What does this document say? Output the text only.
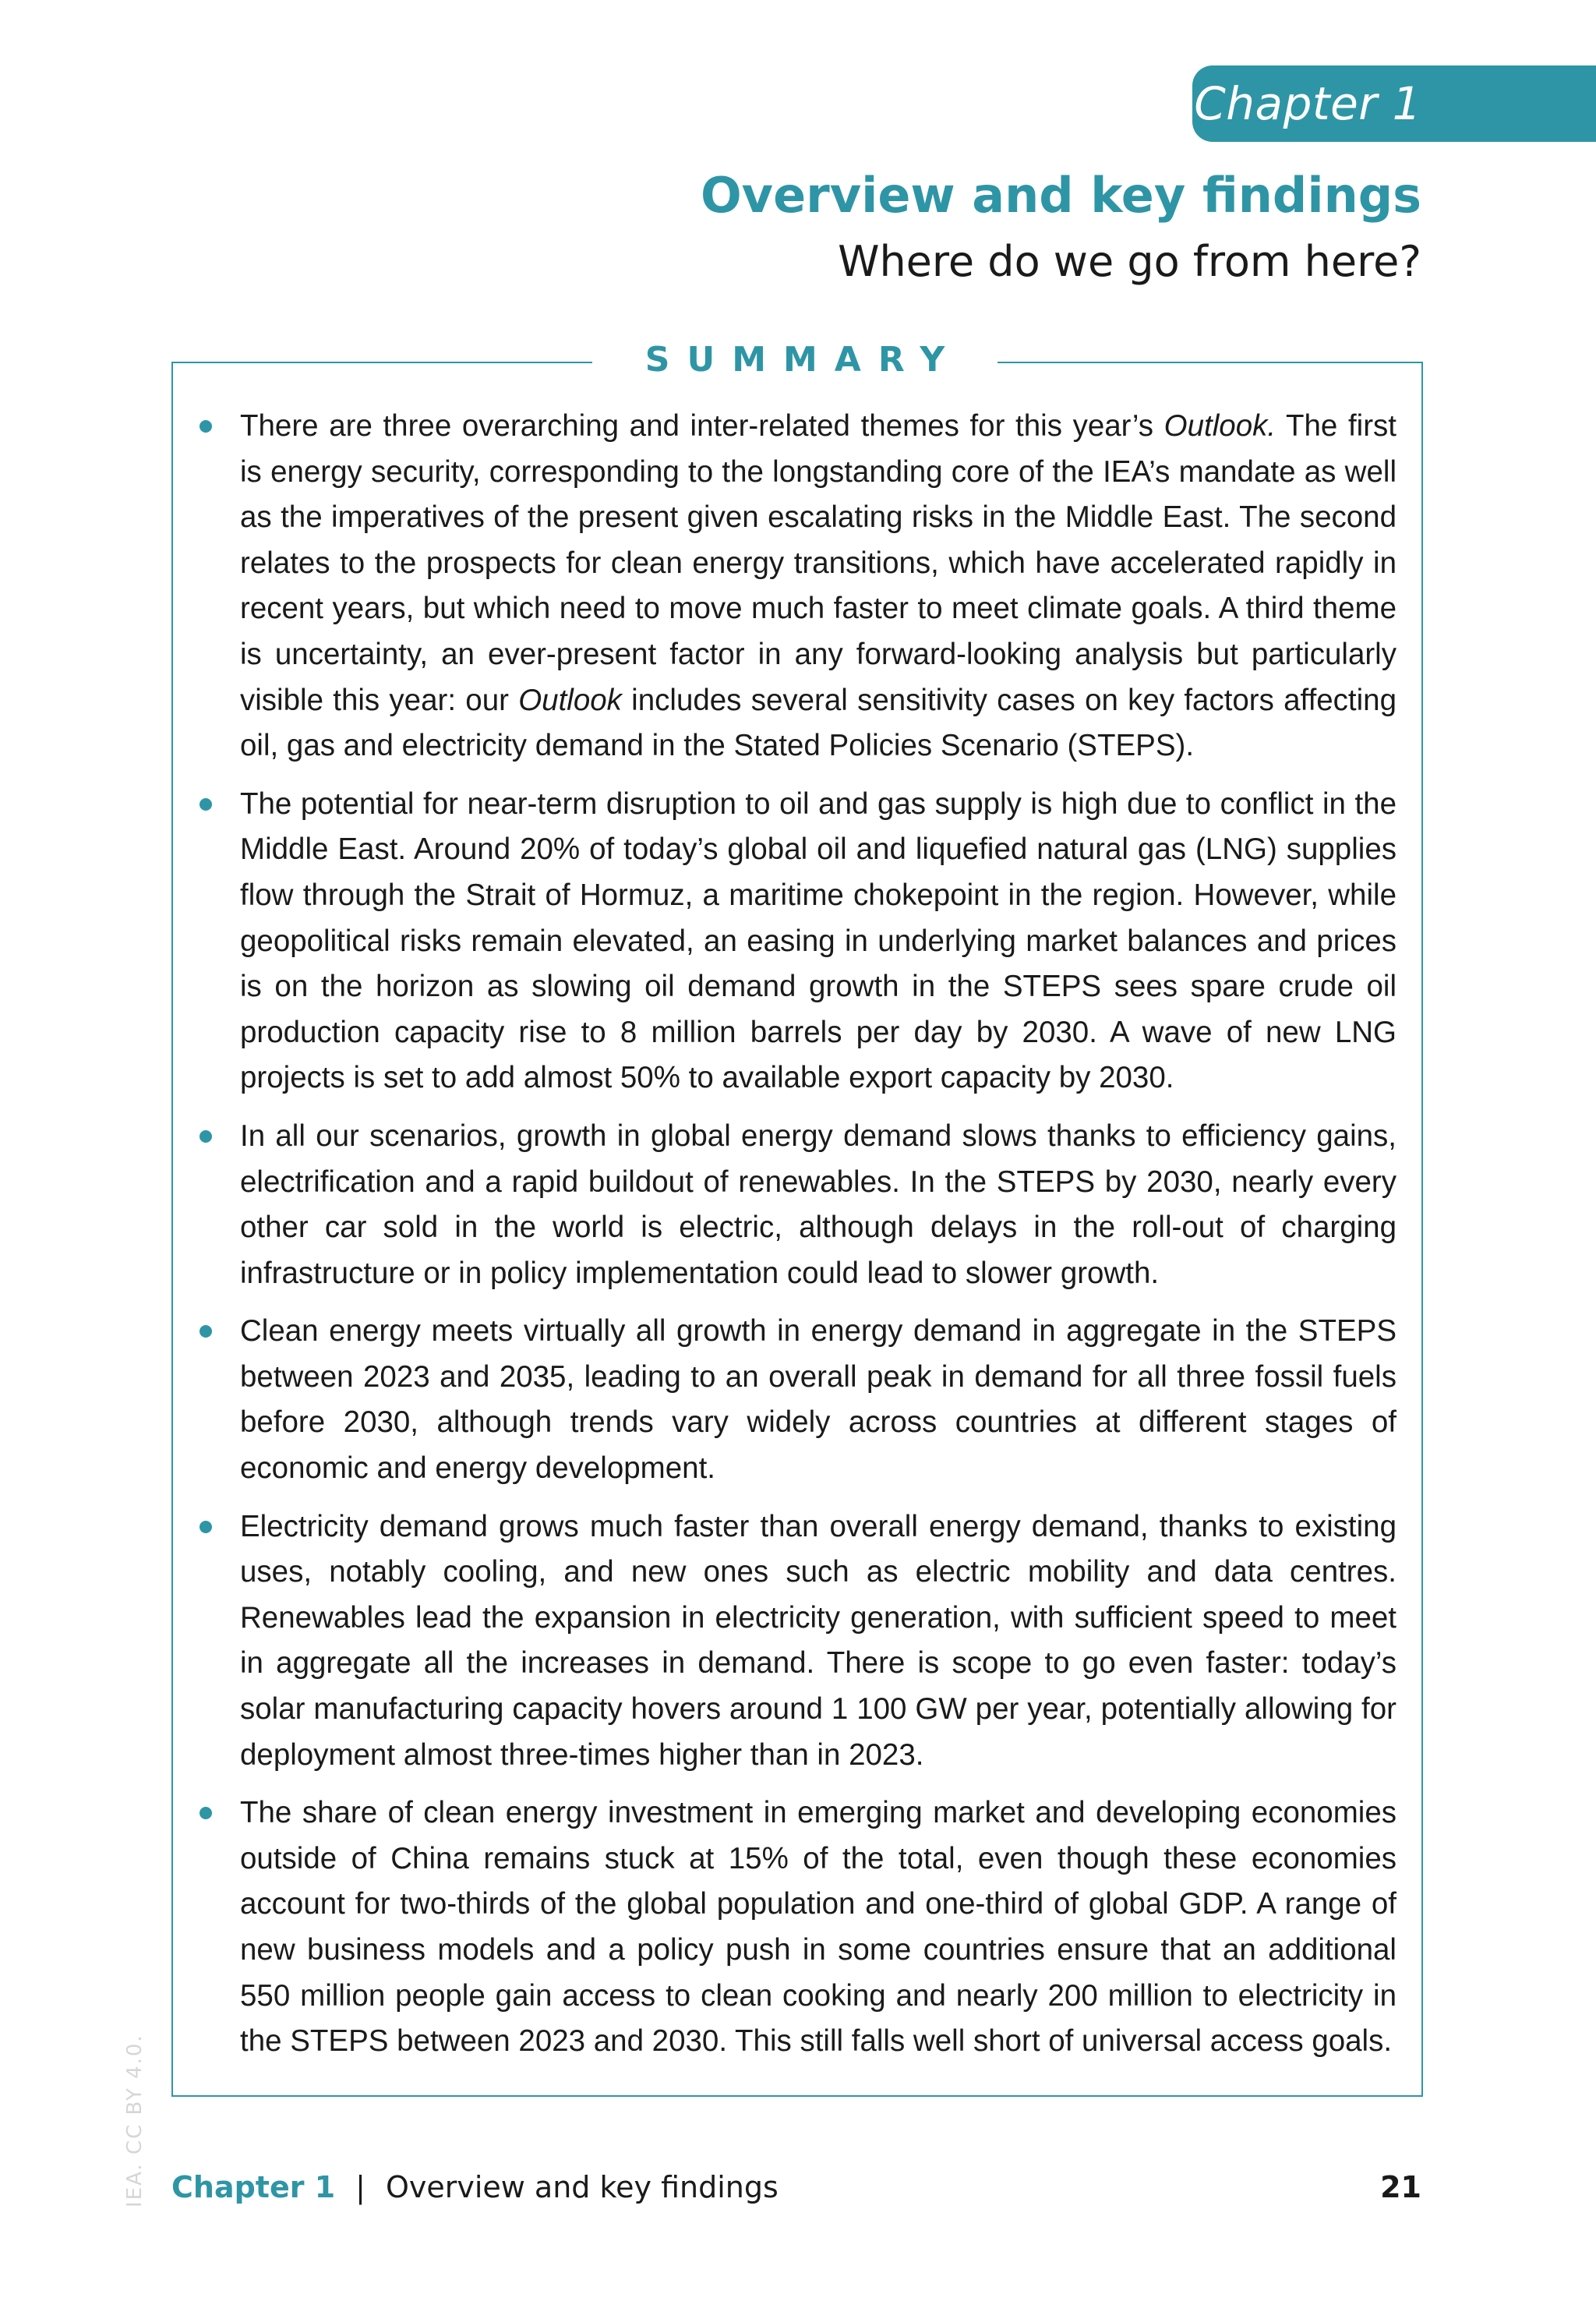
Chapter 1
Overview and key findings
Where do we go from here?
SUMMARY
There are three overarching and inter-related themes for this year’s Outlook. The first is energy security, corresponding to the longstanding core of the IEA’s mandate as well as the imperatives of the present given escalating risks in the Middle East. The second relates to the prospects for clean energy transitions, which have accelerated rapidly in recent years, but which need to move much faster to meet climate goals. A third theme is uncertainty, an ever-present factor in any forward-looking analysis but particularly visible this year: our Outlook includes several sensitivity cases on key factors affecting oil, gas and electricity demand in the Stated Policies Scenario (STEPS).
The potential for near-term disruption to oil and gas supply is high due to conflict in the Middle East. Around 20% of today’s global oil and liquefied natural gas (LNG) supplies flow through the Strait of Hormuz, a maritime chokepoint in the region. However, while geopolitical risks remain elevated, an easing in underlying market balances and prices is on the horizon as slowing oil demand growth in the STEPS sees spare crude oil production capacity rise to 8 million barrels per day by 2030. A wave of new LNG projects is set to add almost 50% to available export capacity by 2030.
In all our scenarios, growth in global energy demand slows thanks to efficiency gains, electrification and a rapid buildout of renewables. In the STEPS by 2030, nearly every other car sold in the world is electric, although delays in the roll-out of charging infrastructure or in policy implementation could lead to slower growth.
Clean energy meets virtually all growth in energy demand in aggregate in the STEPS between 2023 and 2035, leading to an overall peak in demand for all three fossil fuels before 2030, although trends vary widely across countries at different stages of economic and energy development.
Electricity demand grows much faster than overall energy demand, thanks to existing uses, notably cooling, and new ones such as electric mobility and data centres. Renewables lead the expansion in electricity generation, with sufficient speed to meet in aggregate all the increases in demand. There is scope to go even faster: today’s solar manufacturing capacity hovers around 1 100 GW per year, potentially allowing for deployment almost three-times higher than in 2023.
The share of clean energy investment in emerging market and developing economies outside of China remains stuck at 15% of the total, even though these economies account for two-thirds of the global population and one-third of global GDP. A range of new business models and a policy push in some countries ensure that an additional 550 million people gain access to clean cooking and nearly 200 million to electricity in the STEPS between 2023 and 2030. This still falls well short of universal access goals.
IEA. CC BY 4.0. Chapter 1 | Overview and key findings	21
